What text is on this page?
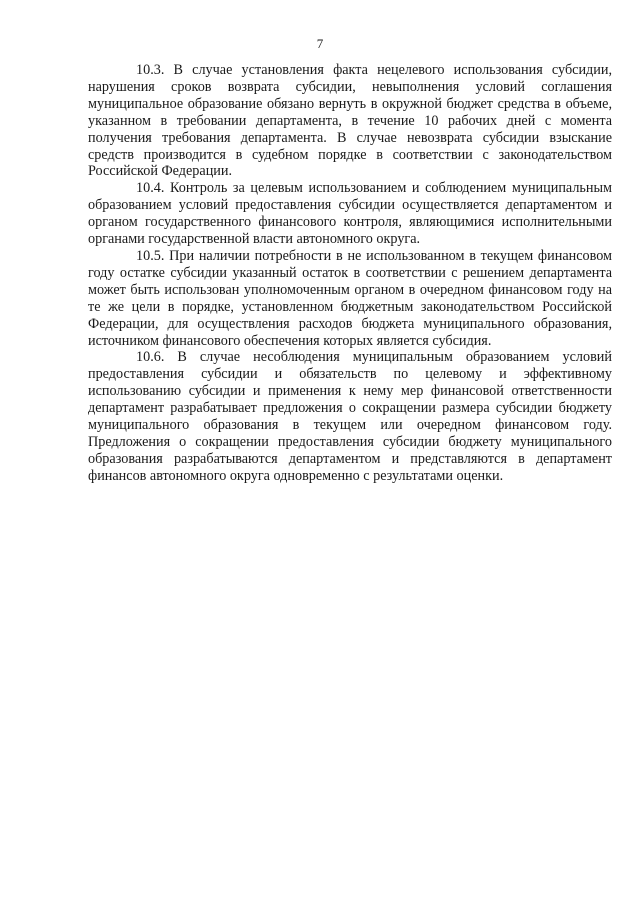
7

10.3. В случае установления факта нецелевого использования субсидии, нарушения сроков возврата субсидии, невыполнения условий соглашения муниципальное образование обязано вернуть в окружной бюджет средства в объеме, указанном в требовании департамента, в течение 10 рабочих дней с момента получения требования департамента. В случае невозврата субсидии взыскание средств производится в судебном порядке в соответствии с законодательством Российской Федерации.

10.4. Контроль за целевым использованием и соблюдением муниципальным образованием условий предоставления субсидии осуществляется департаментом и органом государственного финансового контроля, являющимися исполнительными органами государственной власти автономного округа.

10.5. При наличии потребности в не использованном в текущем финансовом году остатке субсидии указанный остаток в соответствии с решением департамента может быть использован уполномоченным органом в очередном финансовом году на те же цели в порядке, установленном бюджетным законодательством Российской Федерации, для осуществления расходов бюджета муниципального образования, источником финансового обеспечения которых является субсидия.

10.6. В случае несоблюдения муниципальным образованием условий предоставления субсидии и обязательств по целевому и эффективному использованию субсидии и применения к нему мер финансовой ответственности департамент разрабатывает предложения о сокращении размера субсидии бюджету муниципального образования в текущем или очередном финансовом году. Предложения о сокращении предоставления субсидии бюджету муниципального образования разрабатываются департаментом и представляются в департамент финансов автономного округа одновременно с результатами оценки.
